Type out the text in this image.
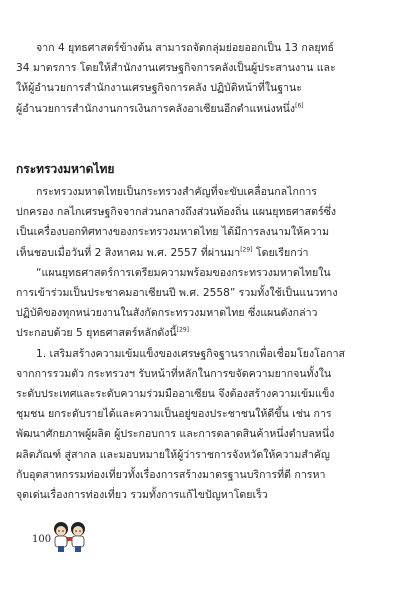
จาก 4 ยุทธศาสตร์ข้างต้น สามารถจัดกลุ่มย่อยออกเป็น 13 กลยุทธ์
34 มาตรการ โดยให้สำนักงานเศรษฐกิจการคลังเป็นผู้ประสานงาน และ
ให้ผู้อำนวยการสำนักงานเศรษฐกิจการคลัง ปฏิบัติหน้าที่ในฐานะ
ผู้อำนวยการสำนักงานการเงินการคลังอาเซียนอีกตำแหน่งหนึ่ง[6]
กระทรวงมหาดไทย
กระทรวงมหาดไทยเป็นกระทรวงสำคัญที่จะขับเคลื่อนกลไกการ
ปกครอง กลไกเศรษฐกิจจากส่วนกลางถึงส่วนท้องถิ่น แผนยุทธศาสตร์ซึ่ง
เป็นเครื่องบอกทิศทางของกระทรวงมหาดไทย ได้มีการลงนามให้ความ
เห็นชอบเมื่อวันที่ 2 สิงหาคม พ.ศ. 2557 ที่ผ่านมา[29] โดยเรียกว่า
“แผนยุทธศาสตร์การเตรียมความพร้อมของกระทรวงมหาดไทยใน
การเข้าร่วมเป็นประชาคมอาเซียนปี พ.ศ. 2558” รวมทั้งใช้เป็นแนวทาง
ปฏิบัติของทุกหน่วยงานในสังกัดกระทรวงมหาดไทย ซึ่งแผนดังกล่าว
ประกอบด้วย 5 ยุทธศาสตร์หลักดังนี้[29]
1. เสริมสร้างความเข้มแข็งของเศรษฐกิจฐานรากเพื่อเชื่อมโยงโอกาส
จากการรวมตัว กระทรวงฯ รับหน้าที่หลักในการขจัดความยากจนทั้งใน
ระดับประเทศและระดับความร่วมมืออาเซียน จึงต้องสร้างความเข้มแข็ง
ชุมชน ยกระดับรายได้และความเป็นอยู่ของประชาชนให้ดีขึ้น เช่น การ
พัฒนาศักยภาพผู้ผลิต ผู้ประกอบการ และการตลาดสินค้าหนึ่งตำบลหนึ่ง
ผลิตภัณฑ์ สู่สากล และมอบหมายให้ผู้ว่าราชการจังหวัดให้ความสำคัญ
กับอุตสาหกรรมท่องเที่ยวทั้งเรื่องการสร้างมาตรฐานบริการที่ดี การหา
จุดเด่นเรื่องการท่องเที่ยว รวมทั้งการแก้ไขปัญหาโดยเร็ว
100
